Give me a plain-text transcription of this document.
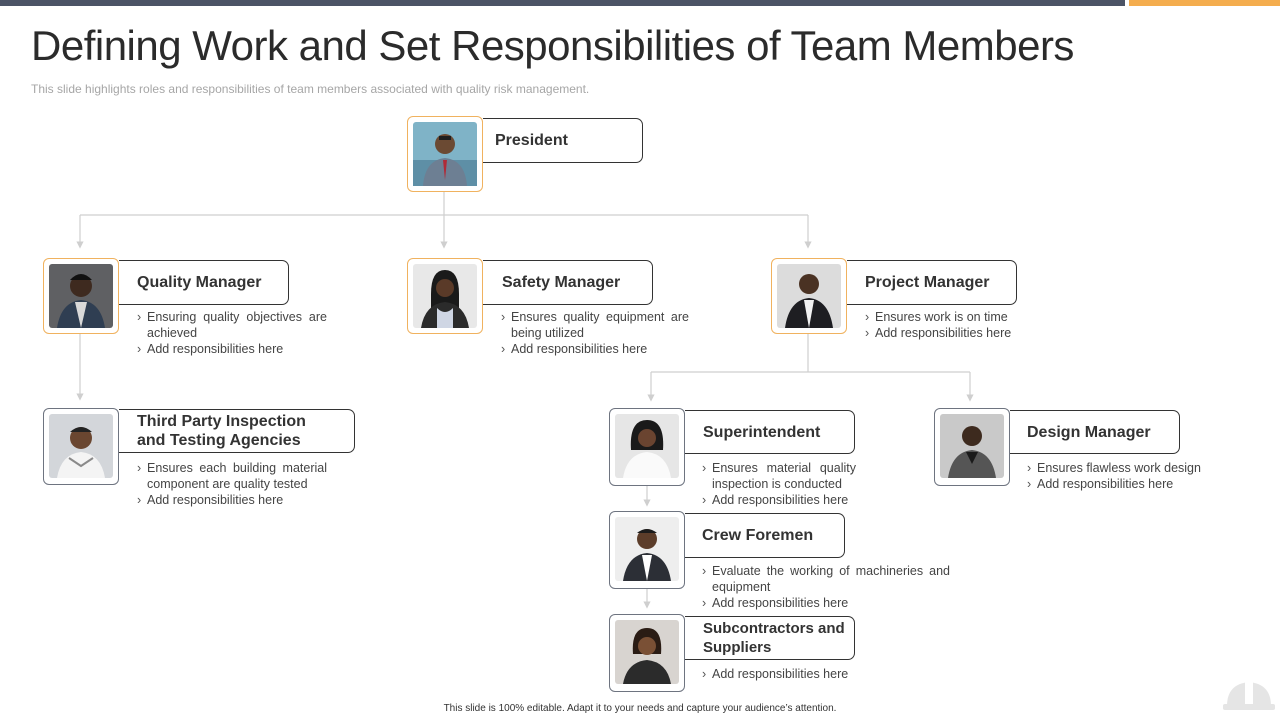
Defining Work and Set Responsibilities of Team Members
This slide highlights roles and responsibilities of team members associated with quality risk management.
President
Quality Manager
› Ensuring quality objectives are achieved
› Add responsibilities here
Safety Manager
› Ensures quality equipment are being utilized
› Add responsibilities here
Project Manager
› Ensures work is on time
› Add responsibilities here
Third Party Inspection
and Testing Agencies
› Ensures each building material component are quality tested
› Add responsibilities here
Superintendent
› Ensures material quality inspection is conducted
› Add responsibilities here
Design Manager
› Ensures flawless work design
› Add responsibilities here
Crew Foremen
› Evaluate the working of machineries and equipment
› Add responsibilities here
Subcontractors and
Suppliers
› Add responsibilities here
This slide is 100% editable. Adapt it to your needs and capture your audience’s attention.
